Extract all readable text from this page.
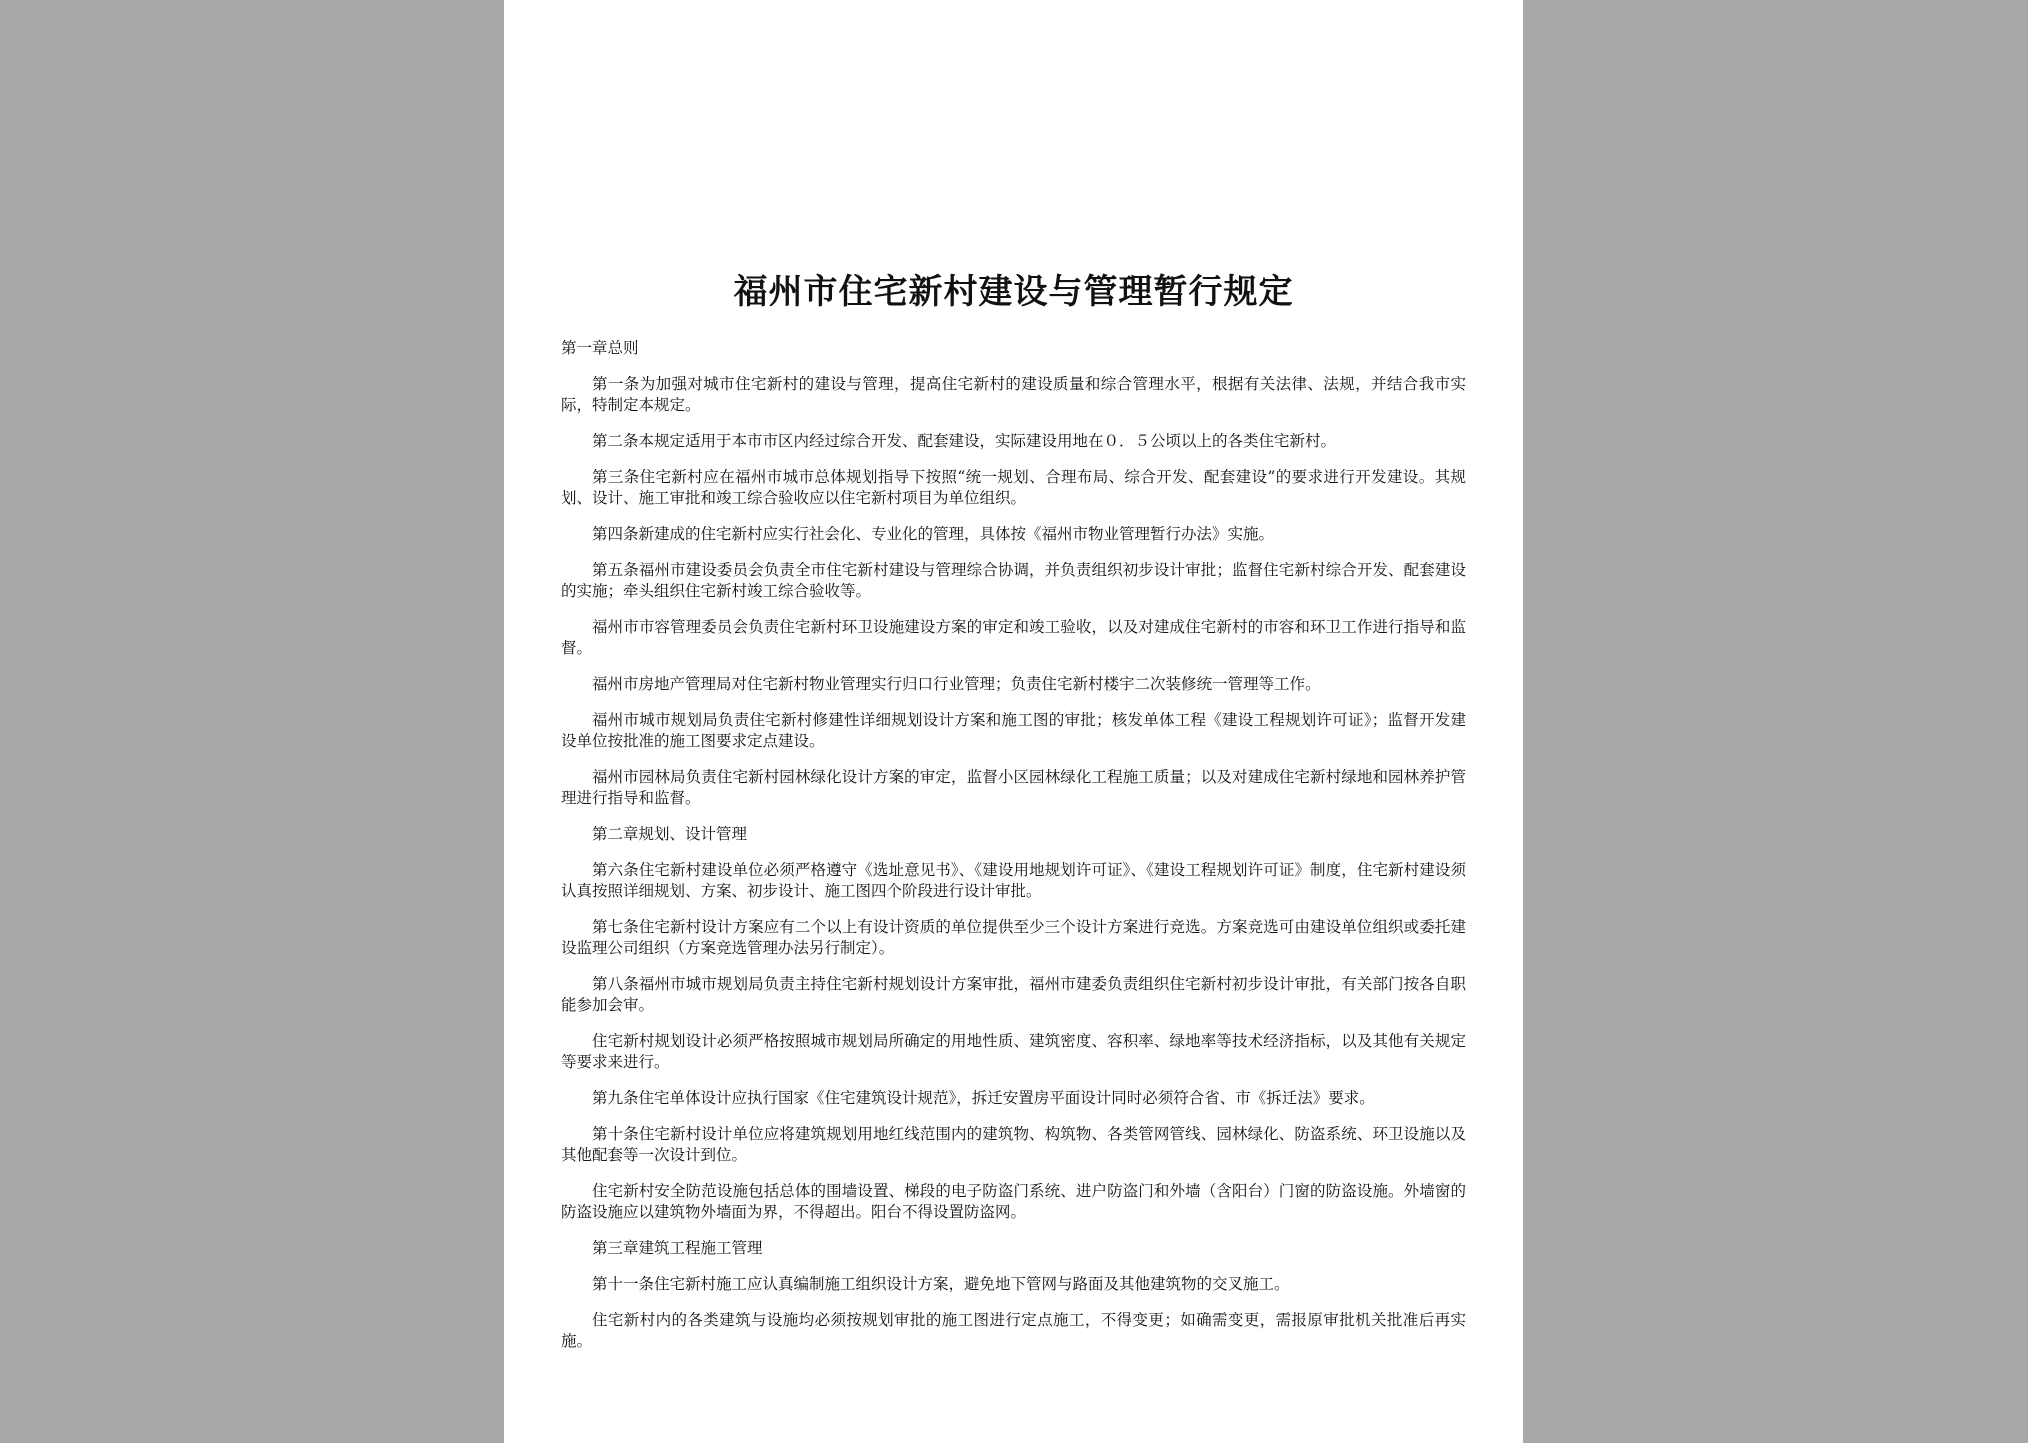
福州市住宅新村建设与管理暂行规定

第一章总则

第一条为加强对城市住宅新村的建设与管理，提高住宅新村的建设质量和综合管理水平，根据有关法律、法规，并结合我市实际，特制定本规定。

第二条本规定适用于本市市区内经过综合开发、配套建设，实际建设用地在０．５公顷以上的各类住宅新村。

第三条住宅新村应在福州市城市总体规划指导下按照“统一规划、合理布局、综合开发、配套建设”的要求进行开发建设。其规划、设计、施工审批和竣工综合验收应以住宅新村项目为单位组织。

第四条新建成的住宅新村应实行社会化、专业化的管理，具体按《福州市物业管理暂行办法》实施。

第五条福州市建设委员会负责全市住宅新村建设与管理综合协调，并负责组织初步设计审批；监督住宅新村综合开发、配套建设的实施；牵头组织住宅新村竣工综合验收等。

福州市市容管理委员会负责住宅新村环卫设施建设方案的审定和竣工验收，以及对建成住宅新村的市容和环卫工作进行指导和监督。

福州市房地产管理局对住宅新村物业管理实行归口行业管理；负责住宅新村楼宇二次装修统一管理等工作。

福州市城市规划局负责住宅新村修建性详细规划设计方案和施工图的审批；核发单体工程《建设工程规划许可证》；监督开发建设单位按批准的施工图要求定点建设。

福州市园林局负责住宅新村园林绿化设计方案的审定，监督小区园林绿化工程施工质量；以及对建成住宅新村绿地和园林养护管理进行指导和监督。

第二章规划、设计管理

第六条住宅新村建设单位必须严格遵守《选址意见书》、《建设用地规划许可证》、《建设工程规划许可证》制度，住宅新村建设须认真按照详细规划、方案、初步设计、施工图四个阶段进行设计审批。

第七条住宅新村设计方案应有二个以上有设计资质的单位提供至少三个设计方案进行竞选。方案竞选可由建设单位组织或委托建设监理公司组织（方案竞选管理办法另行制定）。

第八条福州市城市规划局负责主持住宅新村规划设计方案审批，福州市建委负责组织住宅新村初步设计审批，有关部门按各自职能参加会审。

住宅新村规划设计必须严格按照城市规划局所确定的用地性质、建筑密度、容积率、绿地率等技术经济指标，以及其他有关规定等要求来进行。

第九条住宅单体设计应执行国家《住宅建筑设计规范》，拆迁安置房平面设计同时必须符合省、市《拆迁法》要求。

第十条住宅新村设计单位应将建筑规划用地红线范围内的建筑物、构筑物、各类管网管线、园林绿化、防盗系统、环卫设施以及其他配套等一次设计到位。

住宅新村安全防范设施包括总体的围墙设置、梯段的电子防盗门系统、进户防盗门和外墙（含阳台）门窗的防盗设施。外墙窗的防盗设施应以建筑物外墙面为界，不得超出。阳台不得设置防盗网。

第三章建筑工程施工管理

第十一条住宅新村施工应认真编制施工组织设计方案，避免地下管网与路面及其他建筑物的交叉施工。

住宅新村内的各类建筑与设施均必须按规划审批的施工图进行定点施工，不得变更；如确需变更，需报原审批机关批准后再实施。
